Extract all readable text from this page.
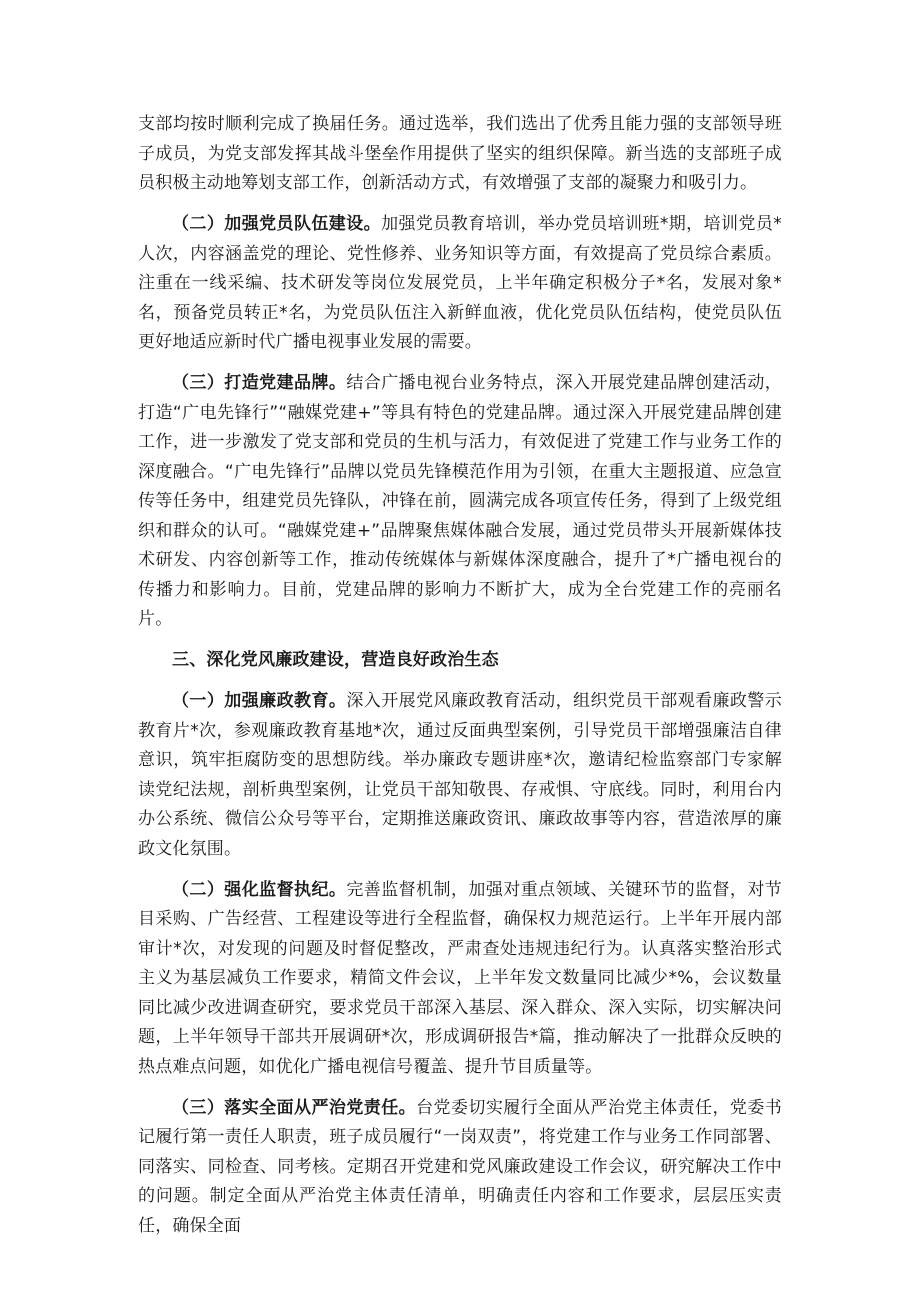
支部均按时顺利完成了换届任务。通过选举，我们选出了优秀且能力强的支部领导班子成员，为党支部发挥其战斗堡垒作用提供了坚实的组织保障。新当选的支部班子成员积极主动地筹划支部工作，创新活动方式，有效增强了支部的凝聚力和吸引力。

（二）加强党员队伍建设。加强党员教育培训，举办党员培训班*期，培训党员*人次，内容涵盖党的理论、党性修养、业务知识等方面，有效提高了党员综合素质。注重在一线采编、技术研发等岗位发展党员，上半年确定积极分子*名，发展对象*名，预备党员转正*名，为党员队伍注入新鲜血液，优化党员队伍结构，使党员队伍更好地适应新时代广播电视事业发展的需要。

（三）打造党建品牌。结合广播电视台业务特点，深入开展党建品牌创建活动，打造“广电先锋行”“融媒党建+”等具有特色的党建品牌。通过深入开展党建品牌创建工作，进一步激发了党支部和党员的生机与活力，有效促进了党建工作与业务工作的深度融合。“广电先锋行”品牌以党员先锋模范作用为引领，在重大主题报道、应急宣传等任务中，组建党员先锋队，冲锋在前，圆满完成各项宣传任务，得到了上级党组织和群众的认可。“融媒党建+”品牌聚焦媒体融合发展，通过党员带头开展新媒体技术研发、内容创新等工作，推动传统媒体与新媒体深度融合，提升了*广播电视台的传播力和影响力。目前，党建品牌的影响力不断扩大，成为全台党建工作的亮丽名片。

三、深化党风廉政建设，营造良好政治生态

（一）加强廉政教育。深入开展党风廉政教育活动，组织党员干部观看廉政警示教育片*次，参观廉政教育基地*次，通过反面典型案例，引导党员干部增强廉洁自律意识，筑牢拒腐防变的思想防线。举办廉政专题讲座*次，邀请纪检监察部门专家解读党纪法规，剖析典型案例，让党员干部知敬畏、存戒惧、守底线。同时，利用台内办公系统、微信公众号等平台，定期推送廉政资讯、廉政故事等内容，营造浓厚的廉政文化氛围。

（二）强化监督执纪。完善监督机制，加强对重点领域、关键环节的监督，对节目采购、广告经营、工程建设等进行全程监督，确保权力规范运行。上半年开展内部审计*次，对发现的问题及时督促整改，严肃查处违规违纪行为。认真落实整治形式主义为基层减负工作要求，精简文件会议，上半年发文数量同比减少*%，会议数量同比减少改进调查研究，要求党员干部深入基层、深入群众、深入实际，切实解决问题，上半年领导干部共开展调研*次，形成调研报告*篇，推动解决了一批群众反映的热点难点问题，如优化广播电视信号覆盖、提升节目质量等。

（三）落实全面从严治党责任。台党委切实履行全面从严治党主体责任，党委书记履行第一责任人职责，班子成员履行“一岗双责”，将党建工作与业务工作同部署、同落实、同检查、同考核。定期召开党建和党风廉政建设工作会议，研究解决工作中的问题。制定全面从严治党主体责任清单，明确责任内容和工作要求，层层压实责任，确保全面
